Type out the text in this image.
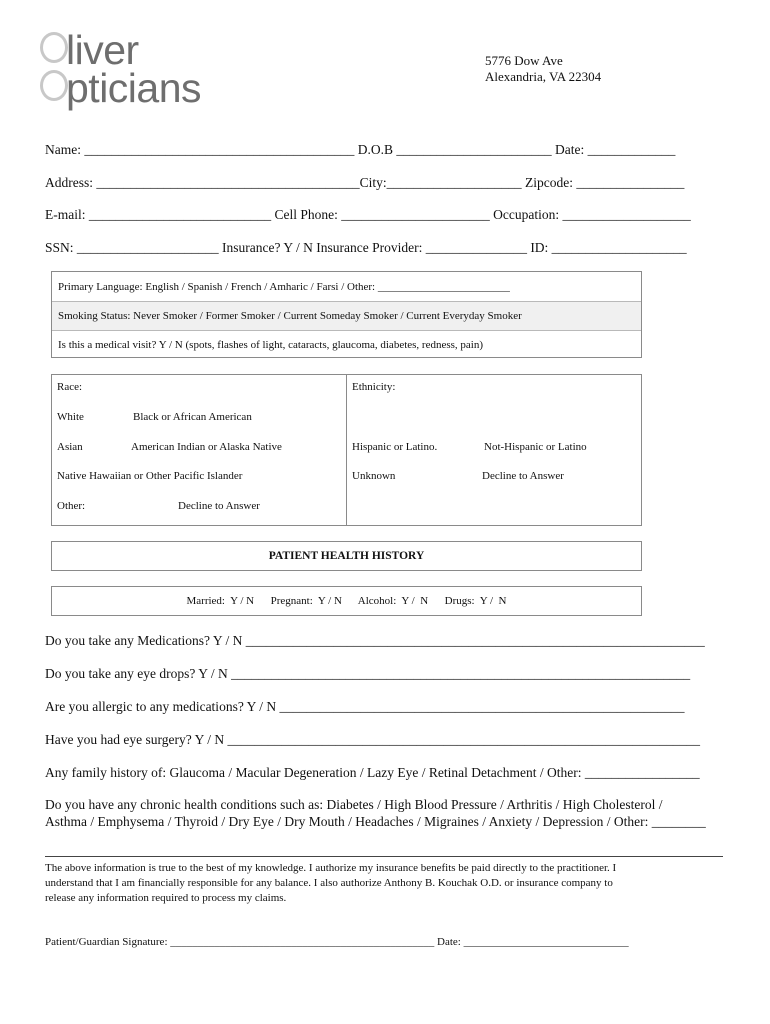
liver
pticians
5776 Dow Ave
Alexandria, VA 22304
Name: ________________________________________ D.O.B _______________________ Date: _____________
Address: _______________________________________City:____________________ Zipcode: ________________
E-mail: ___________________________ Cell Phone: ______________________ Occupation: ___________________
SSN: _____________________ Insurance? Y / N Insurance Provider: _______________ ID: ____________________
Primary Language: English / Spanish / French / Amharic / Farsi / Other: ________________________
Smoking Status: Never Smoker / Former Smoker / Current Someday Smoker / Current Everyday Smoker
Is this a medical visit? Y / N (spots, flashes of light, cataracts, glaucoma, diabetes, redness, pain)
Race:
White	Black or African American
Asian	American Indian or Alaska Native
Native Hawaiian or Other Pacific Islander
Other:	Decline to Answer
Ethnicity:
Hispanic or Latino.	Not-Hispanic or Latino
Unknown	Decline to Answer
PATIENT HEALTH HISTORY
Married:  Y / N      Pregnant:  Y / N      Alcohol:  Y /  N      Drugs:  Y /  N
Do you take any Medications? Y / N ____________________________________________________________________
Do you take any eye drops? Y / N ____________________________________________________________________
Are you allergic to any medications? Y / N ____________________________________________________________
Have you had eye surgery? Y / N ______________________________________________________________________
Any family history of: Glaucoma / Macular Degeneration / Lazy Eye / Retinal Detachment / Other: _________________
Do you have any chronic health conditions such as: Diabetes / High Blood Pressure / Arthritis / High Cholesterol /
Asthma / Emphysema / Thyroid / Dry Eye / Dry Mouth / Headaches / Migraines / Anxiety / Depression / Other: ________
The above information is true to the best of my knowledge. I authorize my insurance benefits be paid directly to the practitioner. I
understand that I am financially responsible for any balance. I also authorize Anthony B. Kouchak O.D. or insurance company to
release any information required to process my claims.
Patient/Guardian Signature: ________________________________________________ Date: ______________________________
